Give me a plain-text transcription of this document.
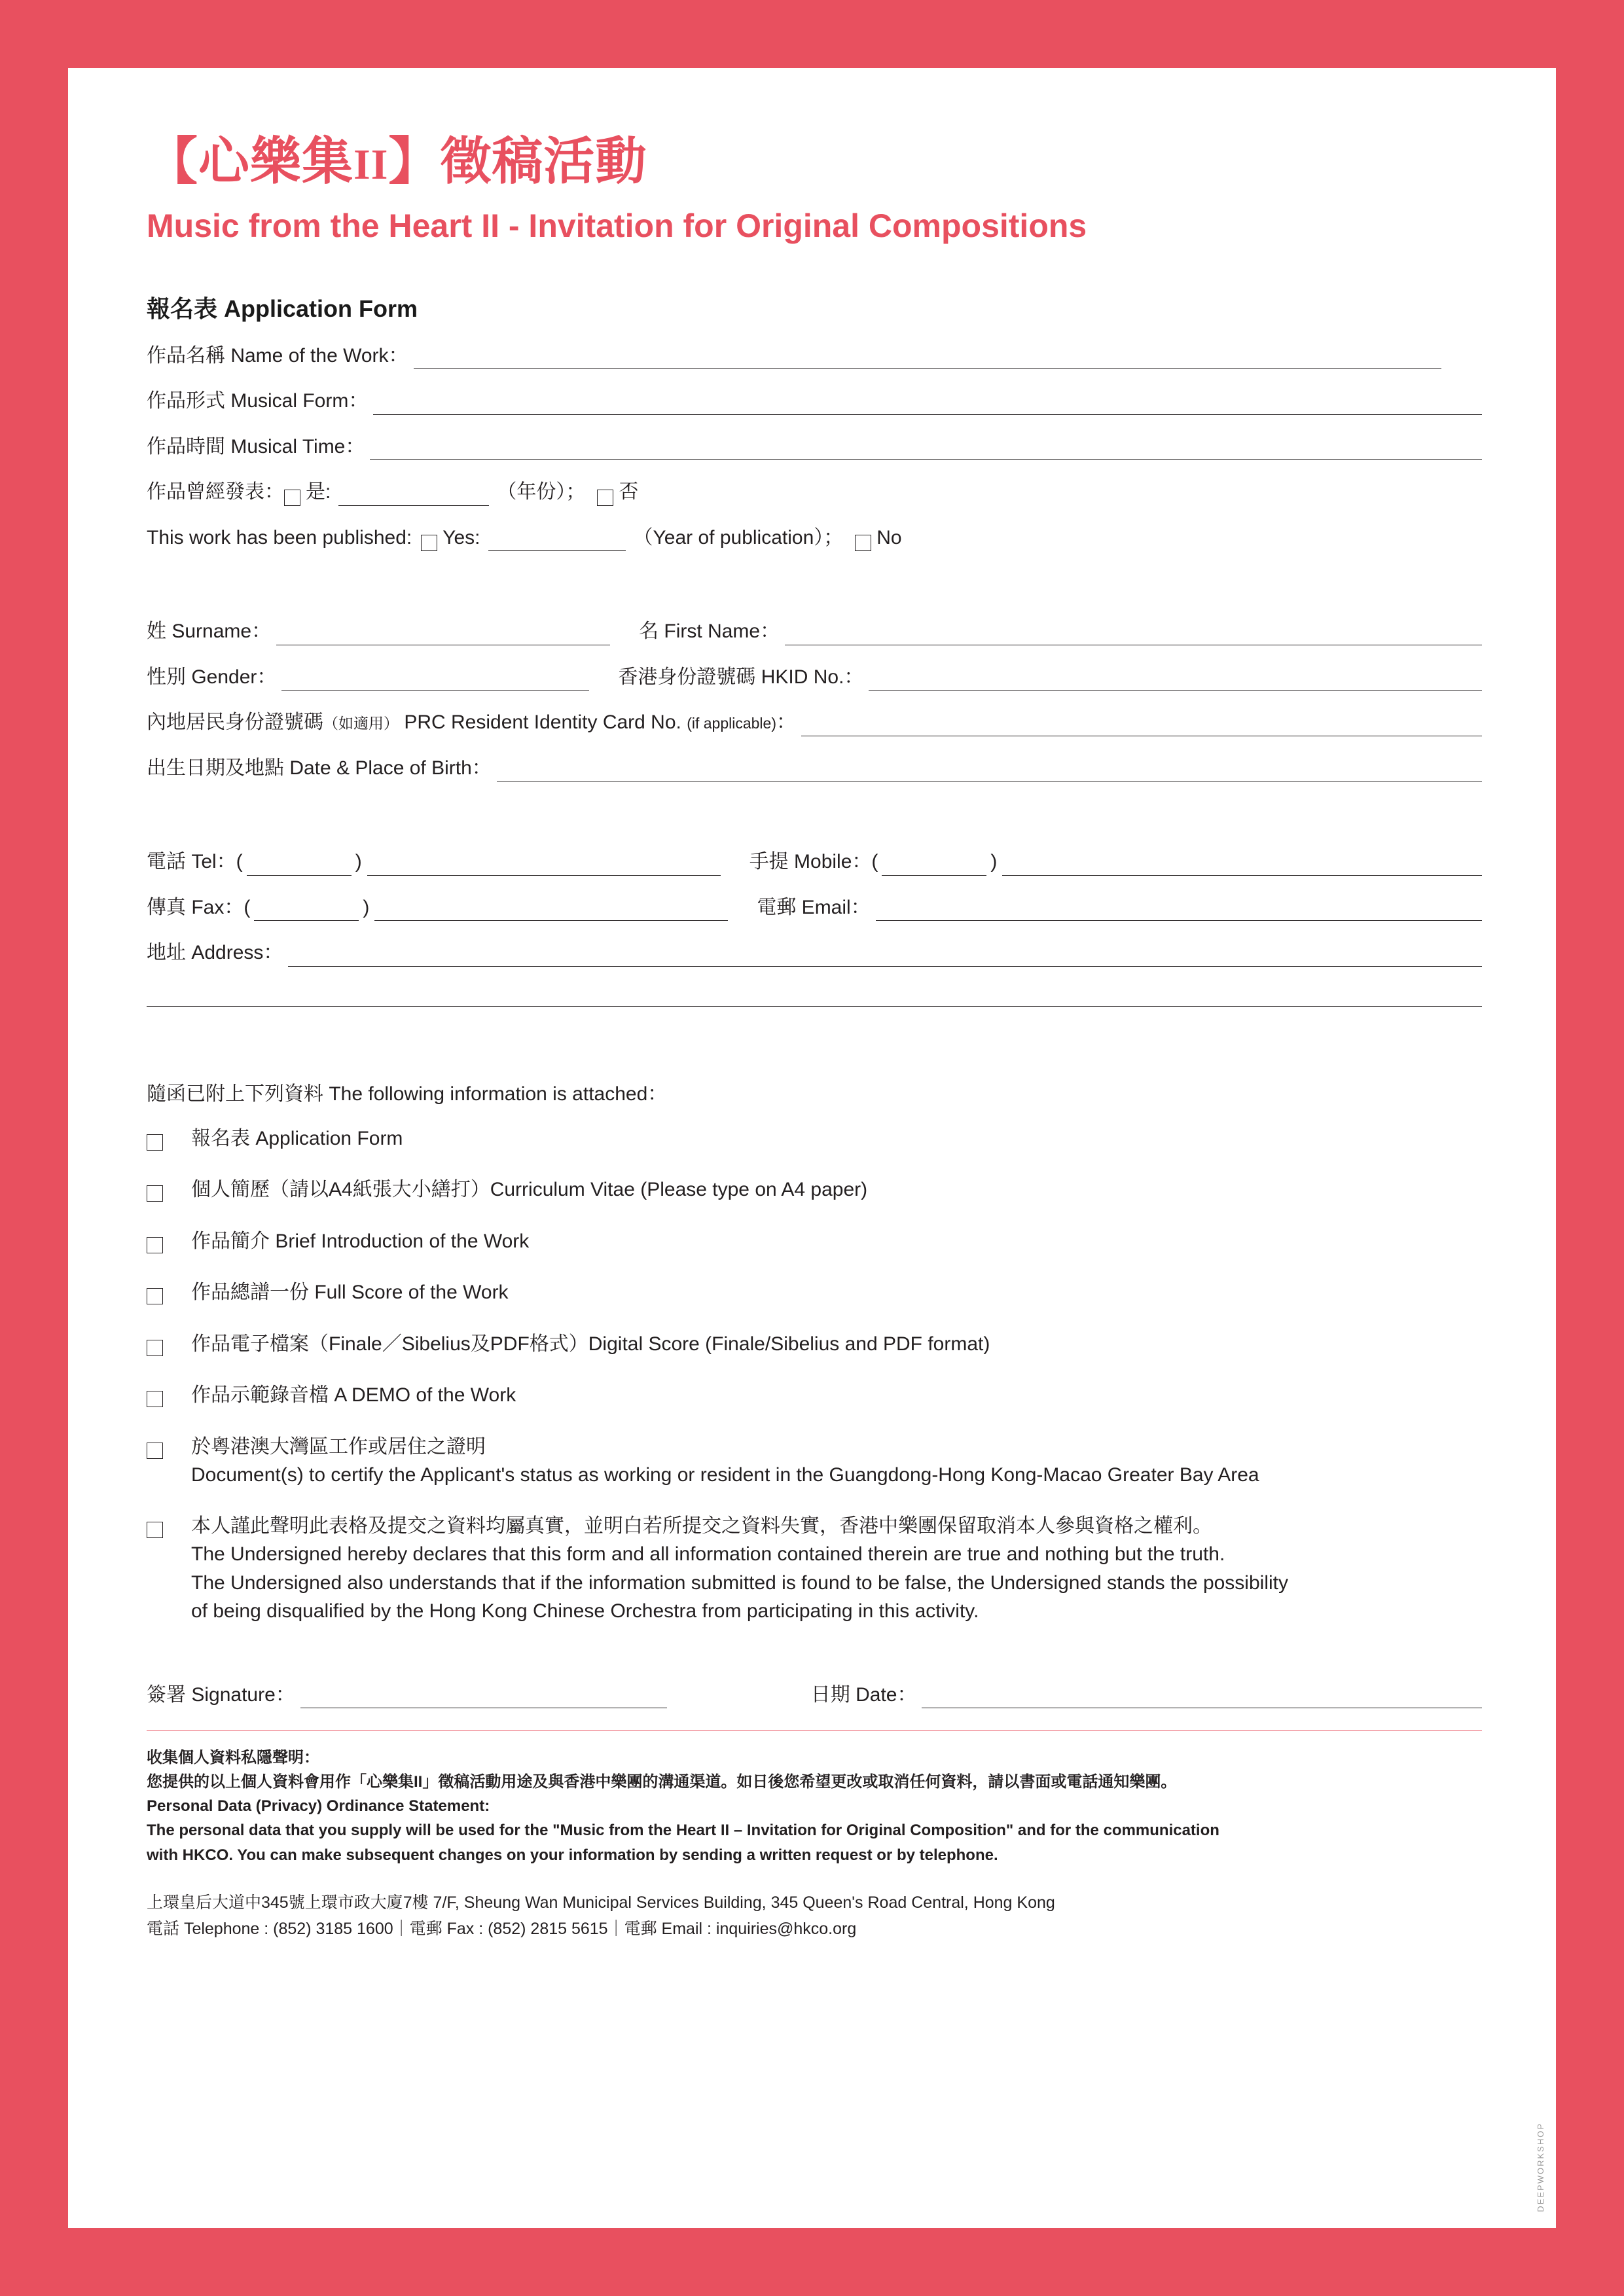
【心樂集II】徵稿活動
Music from the Heart II - Invitation for Original Compositions
報名表 Application Form
作品名稱 Name of the Work：
作品形式 Musical Form：
作品時間 Musical Time：
作品曾經發表： 是:	（年份）； 否
This work has been published: Yes:	（Year of publication）； No
姓 Surname：	名 First Name：
性別 Gender：	香港身份證號碼 HKID No.：
內地居民身份證號碼（如適用） PRC Resident Identity Card No. (if applicable)：
出生日期及地點 Date & Place of Birth：
電話 Tel：(	)	手提 Mobile：(	)
傳真 Fax：(	)	電郵 Email：
地址 Address：
隨函已附上下列資料 The following information is attached：
報名表 Application Form
個人簡歷（請以A4紙張大小繕打）Curriculum Vitae (Please type on A4 paper)
作品簡介 Brief Introduction of the Work
作品總譜一份 Full Score of the Work
作品電子檔案（Finale／Sibelius及PDF格式）Digital Score (Finale/Sibelius and PDF format)
作品示範錄音檔 A DEMO of the Work
於粵港澳大灣區工作或居住之證明
Document(s) to certify the Applicant's status as working or resident in the Guangdong-Hong Kong-Macao Greater Bay Area
本人謹此聲明此表格及提交之資料均屬真實，並明白若所提交之資料失實，香港中樂團保留取消本人參與資格之權利。
The Undersigned hereby declares that this form and all information contained therein are true and nothing but the truth.
The Undersigned also understands that if the information submitted is found to be false, the Undersigned stands the possibility
of being disqualified by the Hong Kong Chinese Orchestra from participating in this activity.
簽署 Signature：	日期 Date：
收集個人資料私隱聲明：
您提供的以上個人資料會用作「心樂集II」徵稿活動用途及與香港中樂團的溝通渠道。如日後您希望更改或取消任何資料，請以書面或電話通知樂團。
Personal Data (Privacy) Ordinance Statement:
The personal data that you supply will be used for the "Music from the Heart II – Invitation for Original Composition" and for the communication
with HKCO. You can make subsequent changes on your information by sending a written request or by telephone.
上環皇后大道中345號上環市政大廈7樓 7/F, Sheung Wan Municipal Services Building, 345 Queen's Road Central, Hong Kong
電話 Telephone : (852) 3185 1600｜電郵 Fax : (852) 2815 5615｜電郵 Email : inquiries@hkco.org
DEEPWORKSHOP
